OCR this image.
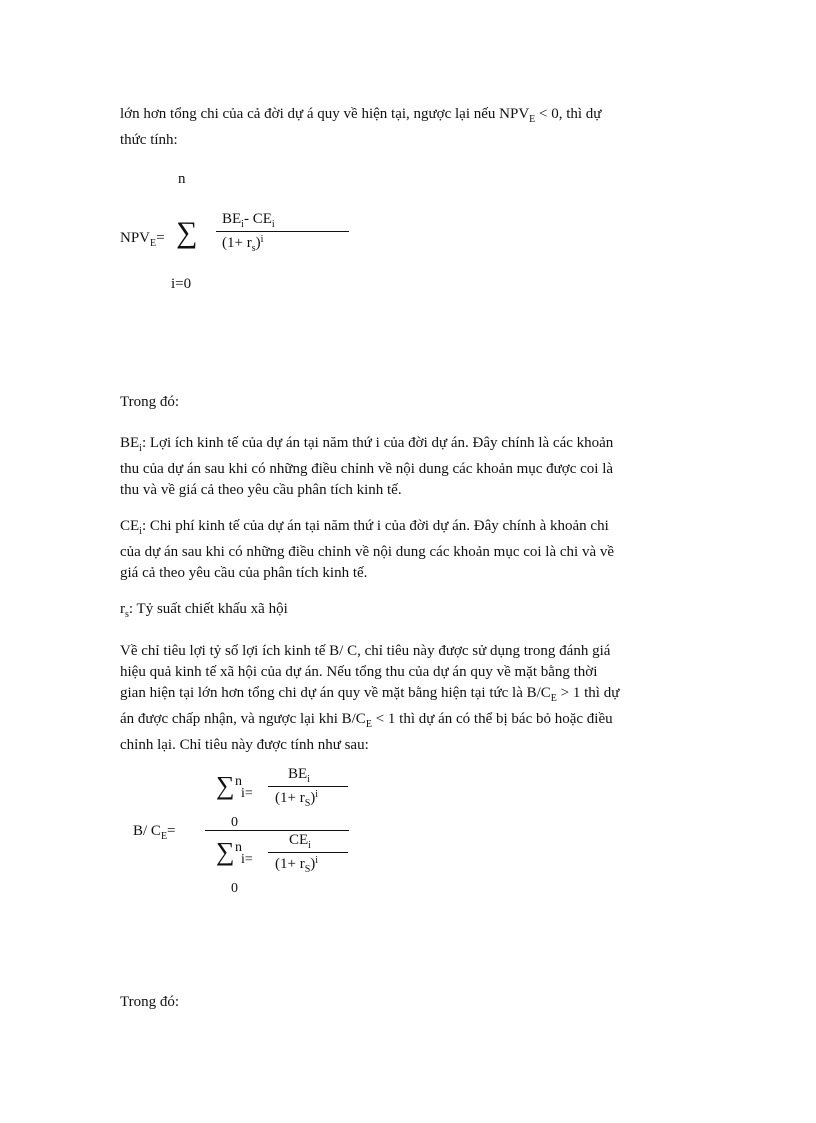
lớn hơn tổng chi của cả đời dự á quy về hiện tại, ngược lại nếu $NPV_E < 0$, thì dự
thức tính:
n
$NPV_E=$ ∑ $BE_i-$ $CE_i$
$(1+ r_s)^i$
i=0
Trong đó:
$BE_i$: Lợi ích kinh tế của dự án tại năm thứ i của đời dự án. Đây chính là các khoản
thu của dự án sau khi có những điều chỉnh về nội dung các khoản mục được coi là
thu và về giá cả theo yêu cầu phân tích kinh tế.
$CE_i$: Chi phí kinh tế của dự án tại năm thứ i của đời dự án. Đây chính à khoản chi
của dự án sau khi có những điều chỉnh về nội dung các khoản mục coi là chi và về
giá cả theo yêu cầu của phân tích kinh tế.
$r_s$: Tỷ suất chiết khấu xã hội
Về chỉ tiêu lợi tỷ số lợi ích kinh tế B/ C, chỉ tiêu này được sử dụng trong đánh giá
hiệu quả kinh tế xã hội của dự án. Nếu tổng thu của dự án quy về mặt bằng thời
gian hiện tại lớn hơn tổng chi dự án quy về mặt bằng hiện tại tức là $B/C_E > 1$ thì dự
án được chấp nhận, và ngược lại khi $B/C_E < 1$ thì dự án có thể bị bác bỏ hoặc điều
chỉnh lại. Chỉ tiêu này được tính như sau:
∑ n
i=
$BE_i$
$(1+ r_S)^i$
0
B/ $C_E=$
∑ n
i=
$CE_i$
$(1+ r_S)^i$
0
Trong đó:
